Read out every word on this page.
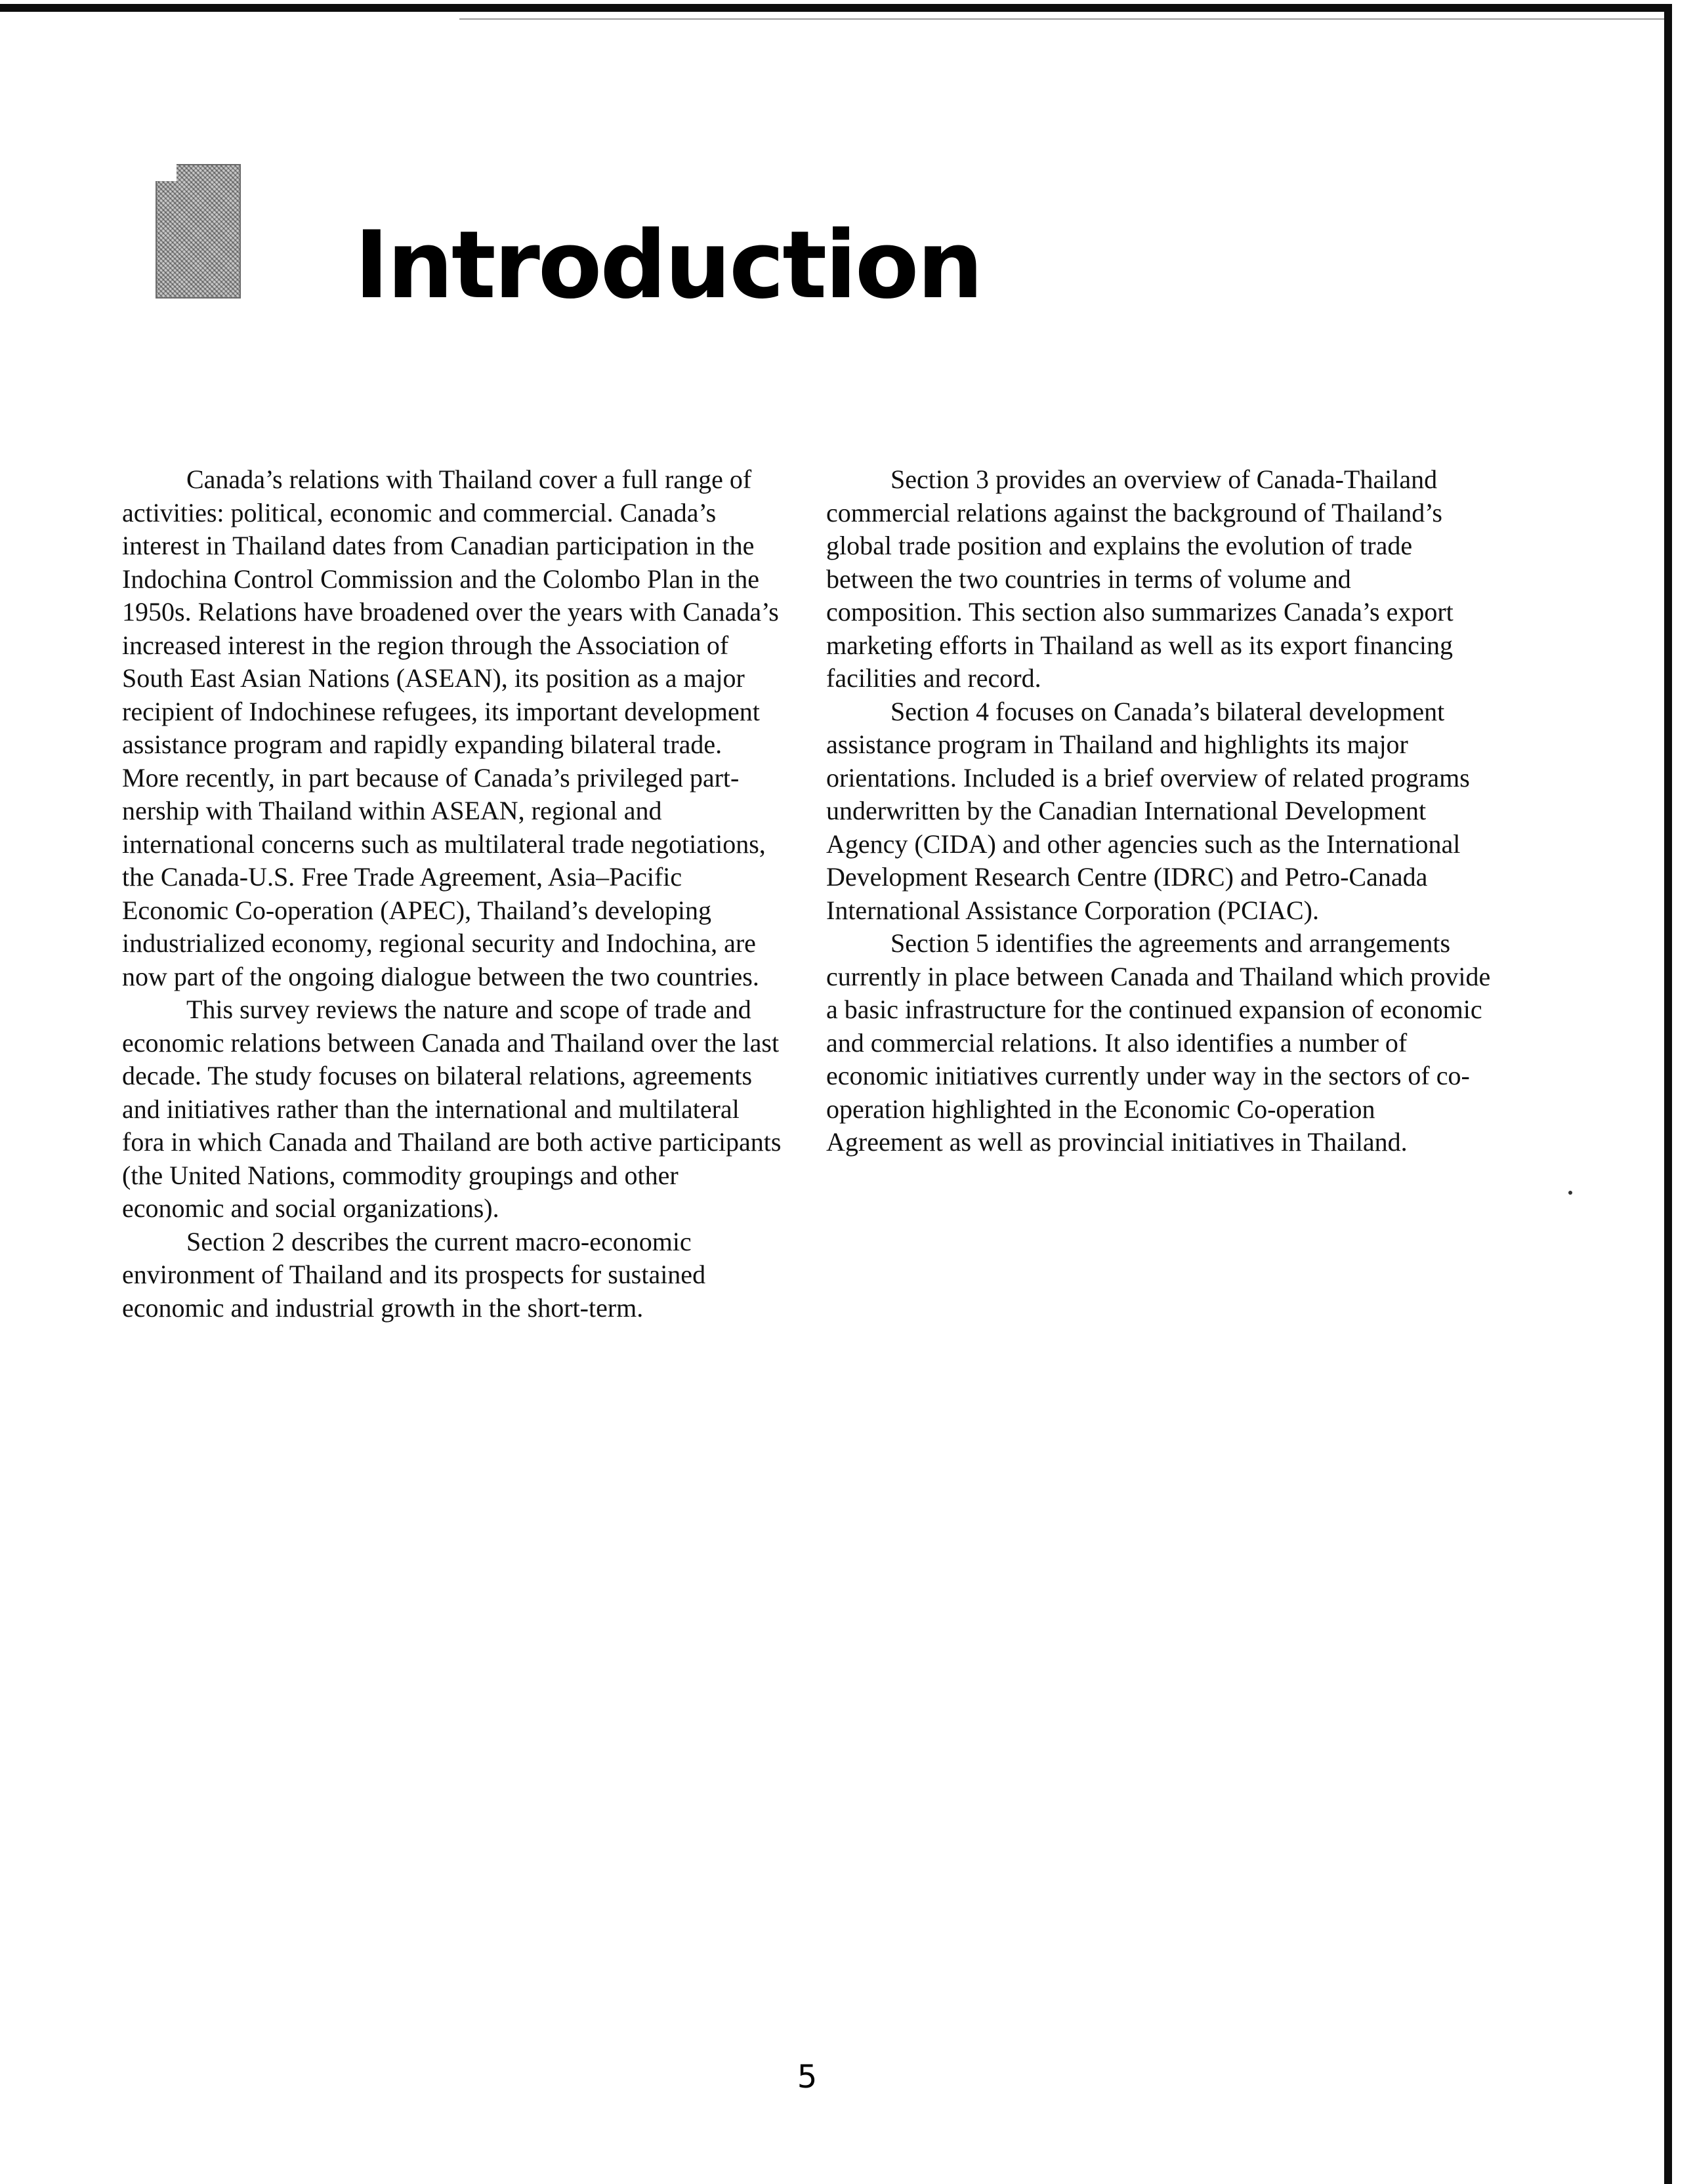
Introduction

Canada’s relations with Thailand cover a full range of activities: political, economic and commercial. Canada’s interest in Thailand dates from Canadian participation in the Indochina Control Commission and the Colombo Plan in the 1950s. Relations have broadened over the years with Canada’s increased interest in the region through the Association of South East Asian Nations (ASEAN), its position as a major recipient of Indochinese refugees, its important development assistance program and rapidly expanding bilateral trade. More recently, in part because of Canada’s privileged partnership with Thailand within ASEAN, regional and international concerns such as multilateral trade negotiations, the Canada-U.S. Free Trade Agreement, Asia–Pacific Economic Co-operation (APEC), Thailand’s developing industrialized economy, regional security and Indochina, are now part of the ongoing dialogue between the two countries.

This survey reviews the nature and scope of trade and economic relations between Canada and Thailand over the last decade. The study focuses on bilateral relations, agreements and initiatives rather than the international and multilateral fora in which Canada and Thailand are both active participants (the United Nations, commodity groupings and other economic and social organizations).

Section 2 describes the current macro-economic environment of Thailand and its prospects for sustained economic and industrial growth in the short-term.

Section 3 provides an overview of Canada-Thailand commercial relations against the background of Thailand’s global trade position and explains the evolution of trade between the two countries in terms of volume and composition. This section also summarizes Canada’s export marketing efforts in Thailand as well as its export financing facilities and record.

Section 4 focuses on Canada’s bilateral development assistance program in Thailand and highlights its major orientations. Included is a brief overview of related programs underwritten by the Canadian International Development Agency (CIDA) and other agencies such as the International Development Research Centre (IDRC) and Petro-Canada International Assistance Corporation (PCIAC).

Section 5 identifies the agreements and arrangements currently in place between Canada and Thailand which provide a basic infrastructure for the continued expansion of economic and commercial relations. It also identifies a number of economic initiatives currently under way in the sectors of co-operation highlighted in the Economic Co-operation Agreement as well as provincial initiatives in Thailand.

5
